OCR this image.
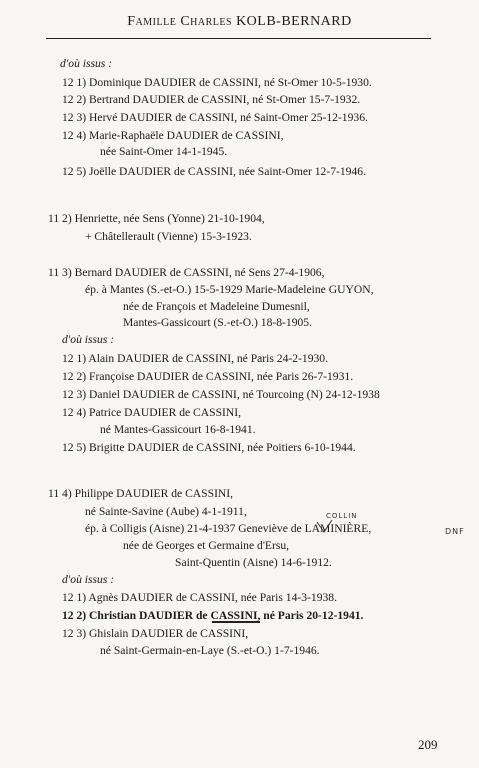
Famille Charles KOLB-BERNARD
d'où issus :
12 1) Dominique DAUDIER de CASSINI, né St-Omer 10-5-1930.
12 2) Bertrand DAUDIER de CASSINI, né St-Omer 15-7-1932.
12 3) Hervé DAUDIER de CASSINI, né Saint-Omer 25-12-1936.
12 4) Marie-Raphaële DAUDIER de CASSINI,
née Saint-Omer 14-1-1945.
12 5) Joëlle DAUDIER de CASSINI, née Saint-Omer 12-7-1946.
11 2) Henriette, née Sens (Yonne) 21-10-1904,
+ Châtellerault (Vienne) 15-3-1923.
11 3) Bernard DAUDIER de CASSINI, né Sens 27-4-1906,
ép. à Mantes (S.-et-O.) 15-5-1929 Marie-Madeleine GUYON,
née de François et Madeleine Dumesnil,
Mantes-Gassicourt (S.-et-O.) 18-8-1905.
d'où issus :
12 1) Alain DAUDIER de CASSINI, né Paris 24-2-1930.
12 2) Françoise DAUDIER de CASSINI, née Paris 26-7-1931.
12 3) Daniel DAUDIER de CASSINI, né Tourcoing (N) 24-12-1938
12 4) Patrice DAUDIER de CASSINI,
né Mantes-Gassicourt 16-8-1941.
12 5) Brigitte DAUDIER de CASSINI, née Poitiers 6-10-1944.
11 4) Philippe DAUDIER de CASSINI,
né Sainte-Savine (Aube) 4-1-1911,
ép. à Colligis (Aisne) 21-4-1937 Geneviève de LAMINIÈRE,
née de Georges et Germaine d'Ersu,
Saint-Quentin (Aisne) 14-6-1912.
d'où issus :
12 1) Agnès DAUDIER de CASSINI, née Paris 14-3-1938.
12 2) Christian DAUDIER de CASSINI, né Paris 20-12-1941.
12 3) Ghislain DAUDIER de CASSINI,
né Saint-Germain-en-Laye (S.-et-O.) 1-7-1946.
COLLIN
DNF
209
